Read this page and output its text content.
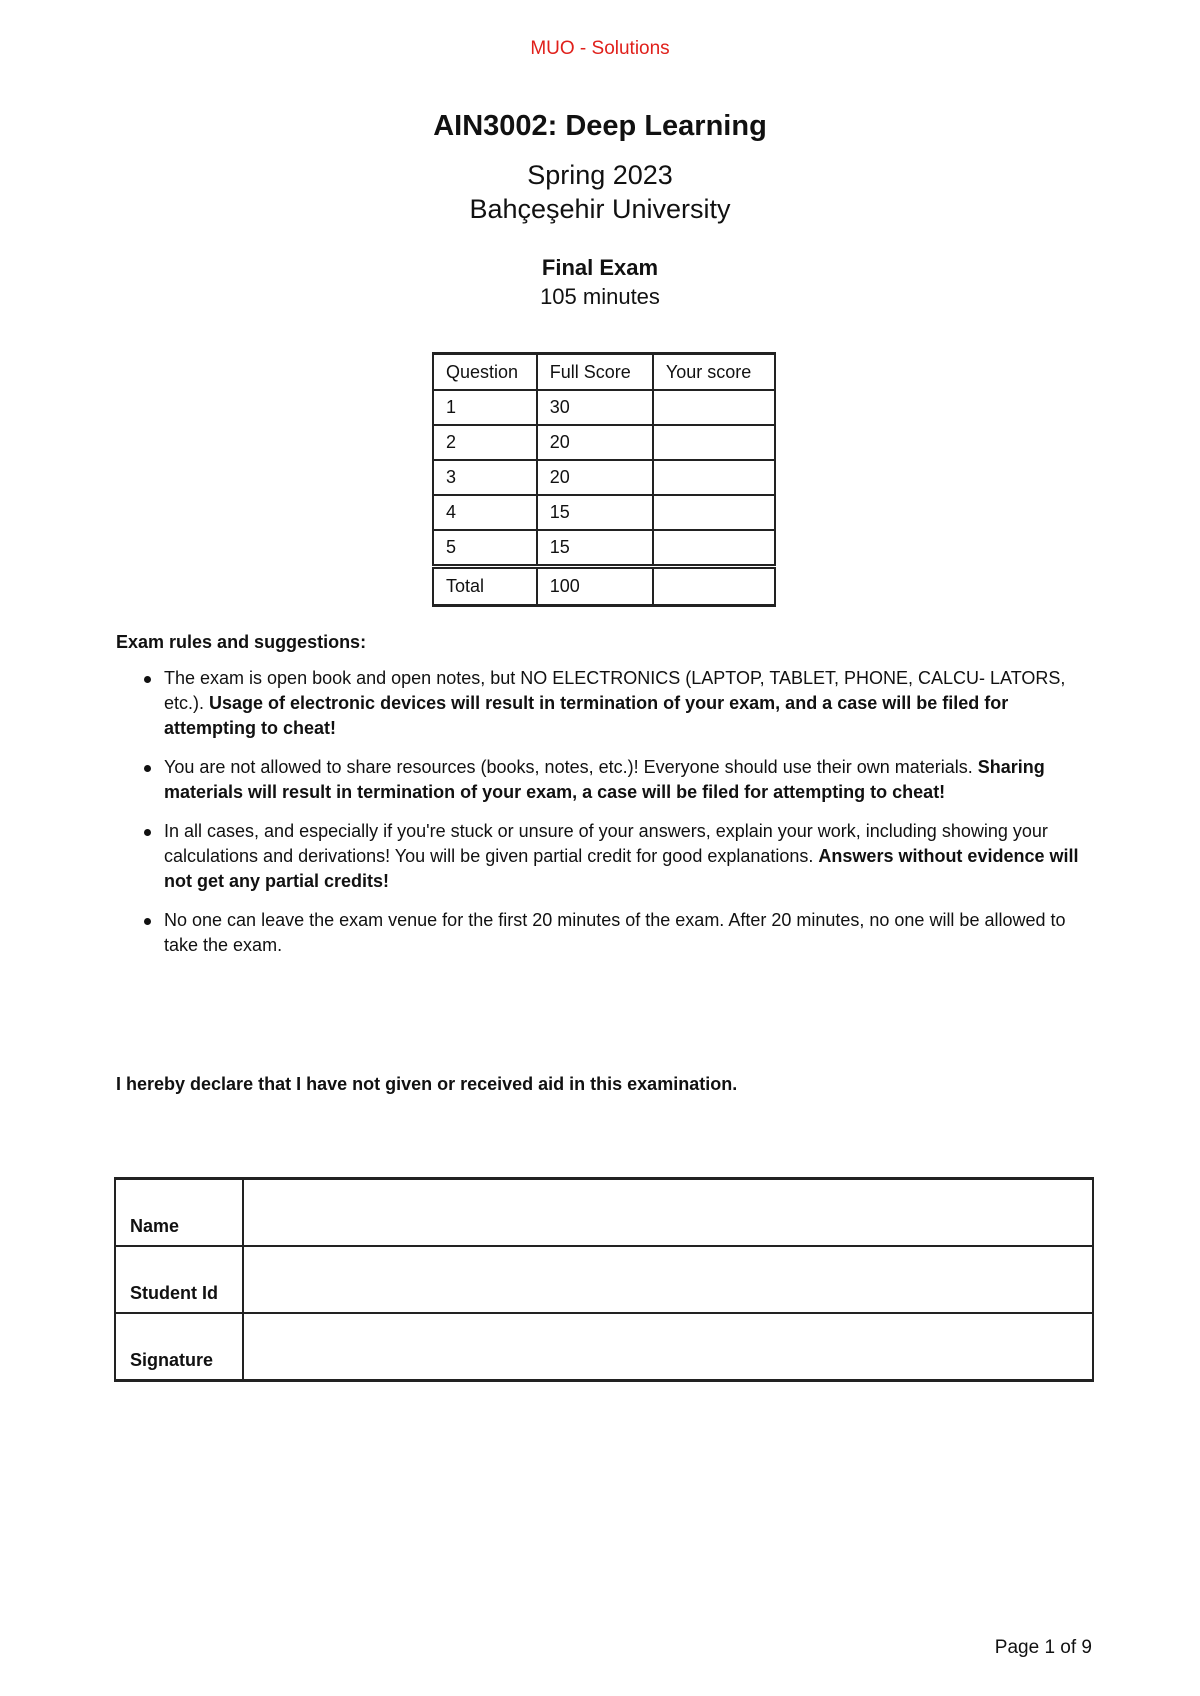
MUO - Solutions
AIN3002: Deep Learning
Spring 2023
Bahçeşehir University
Final Exam
105 minutes
Question	Full Score	Your score
1	30	
2	20	
3	20	
4	15	
5	15	
Total	100	
Exam rules and suggestions:
The exam is open book and open notes, but NO ELECTRONICS (LAPTOP, TABLET, PHONE, CALCU- LATORS, etc.). Usage of electronic devices will result in termination of your exam, and a case will be filed for attempting to cheat!
You are not allowed to share resources (books, notes, etc.)! Everyone should use their own materials. Sharing materials will result in termination of your exam, a case will be filed for attempting to cheat!
In all cases, and especially if you're stuck or unsure of your answers, explain your work, including showing your calculations and derivations! You will be given partial credit for good explanations. Answers without evidence will not get any partial credits!
No one can leave the exam venue for the first 20 minutes of the exam. After 20 minutes, no one will be allowed to take the exam.
I hereby declare that I have not given or received aid in this examination.
Name	
Student Id	
Signature	
Page 1 of 9
